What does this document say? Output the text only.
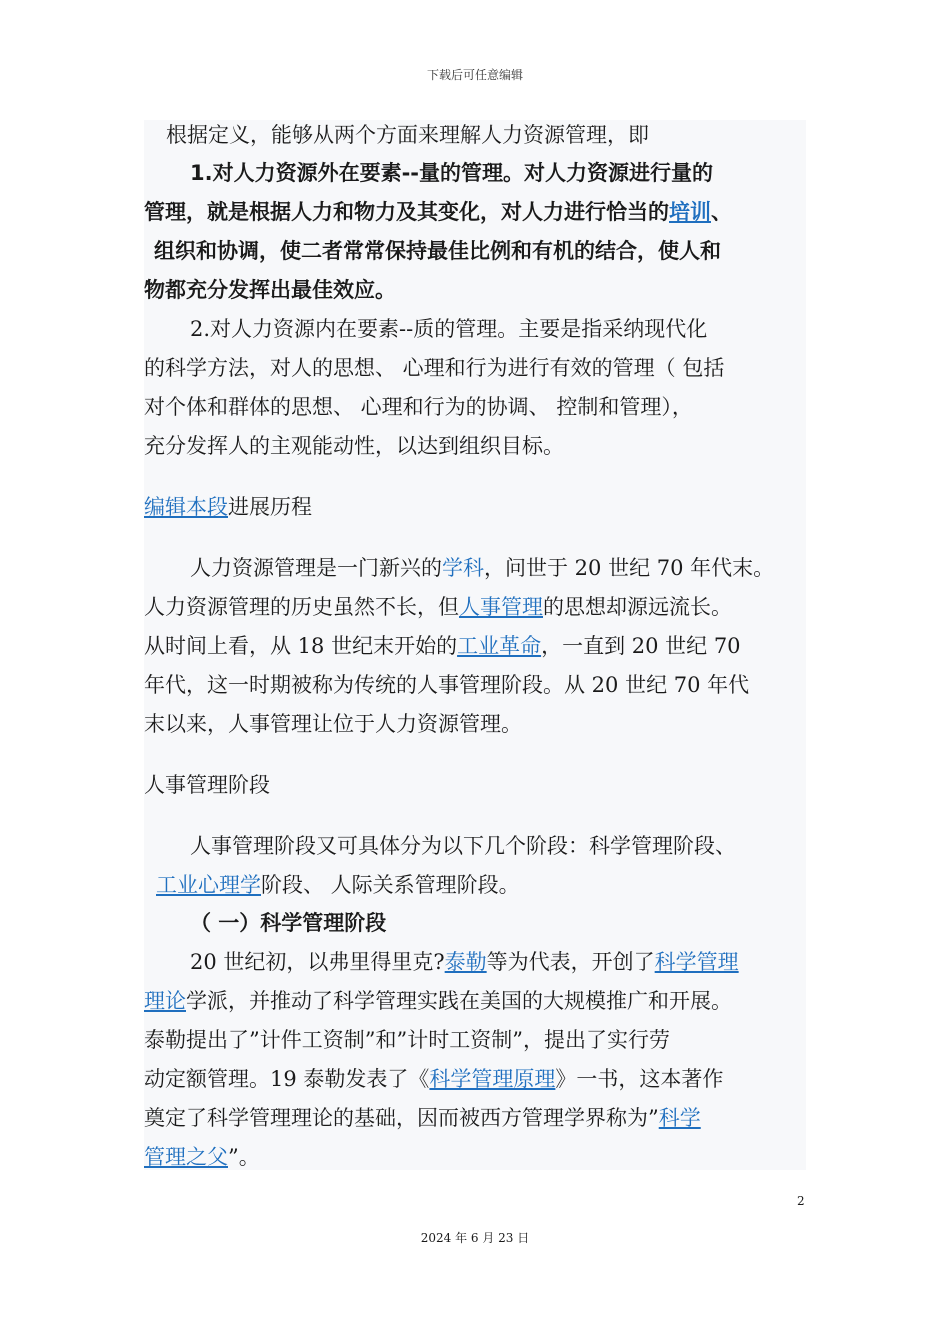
下载后可任意编辑
根据定义，能够从两个方面来理解人力资源管理，即
1.对人力资源外在要素--量的管理。对人力资源进行量的
管理，就是根据人力和物力及其变化，对人力进行恰当的培训、
组织和协调，使二者常常保持最佳比例和有机的结合，使人和
物都充分发挥出最佳效应。
2.对人力资源内在要素--质的管理。主要是指采纳现代化
的科学方法，对人的思想、 心理和行为进行有效的管理（ 包括
对个体和群体的思想、 心理和行为的协调、 控制和管理），
充分发挥人的主观能动性，以达到组织目标。
编辑本段进展历程
人力资源管理是一门新兴的学科，问世于 20 世纪 70 年代末。
人力资源管理的历史虽然不长，但人事管理的思想却源远流长。
从时间上看，从 18 世纪末开始的工业革命，一直到 20 世纪 70
年代，这一时期被称为传统的人事管理阶段。从 20 世纪 70 年代
末以来，人事管理让位于人力资源管理。
人事管理阶段
人事管理阶段又可具体分为以下几个阶段：科学管理阶段、
工业心理学阶段、 人际关系管理阶段。
（ 一）科学管理阶段
20 世纪初，以弗里得里克?泰勒等为代表，开创了科学管理
理论学派，并推动了科学管理实践在美国的大规模推广和开展。
泰勒提出了”计件工资制”和”计时工资制”，提出了实行劳
动定额管理。19 泰勒发表了《科学管理原理》一书，这本著作
奠定了科学管理理论的基础，因而被西方管理学界称为”科学
管理之父”。
2
2024 年 6 月 23 日
